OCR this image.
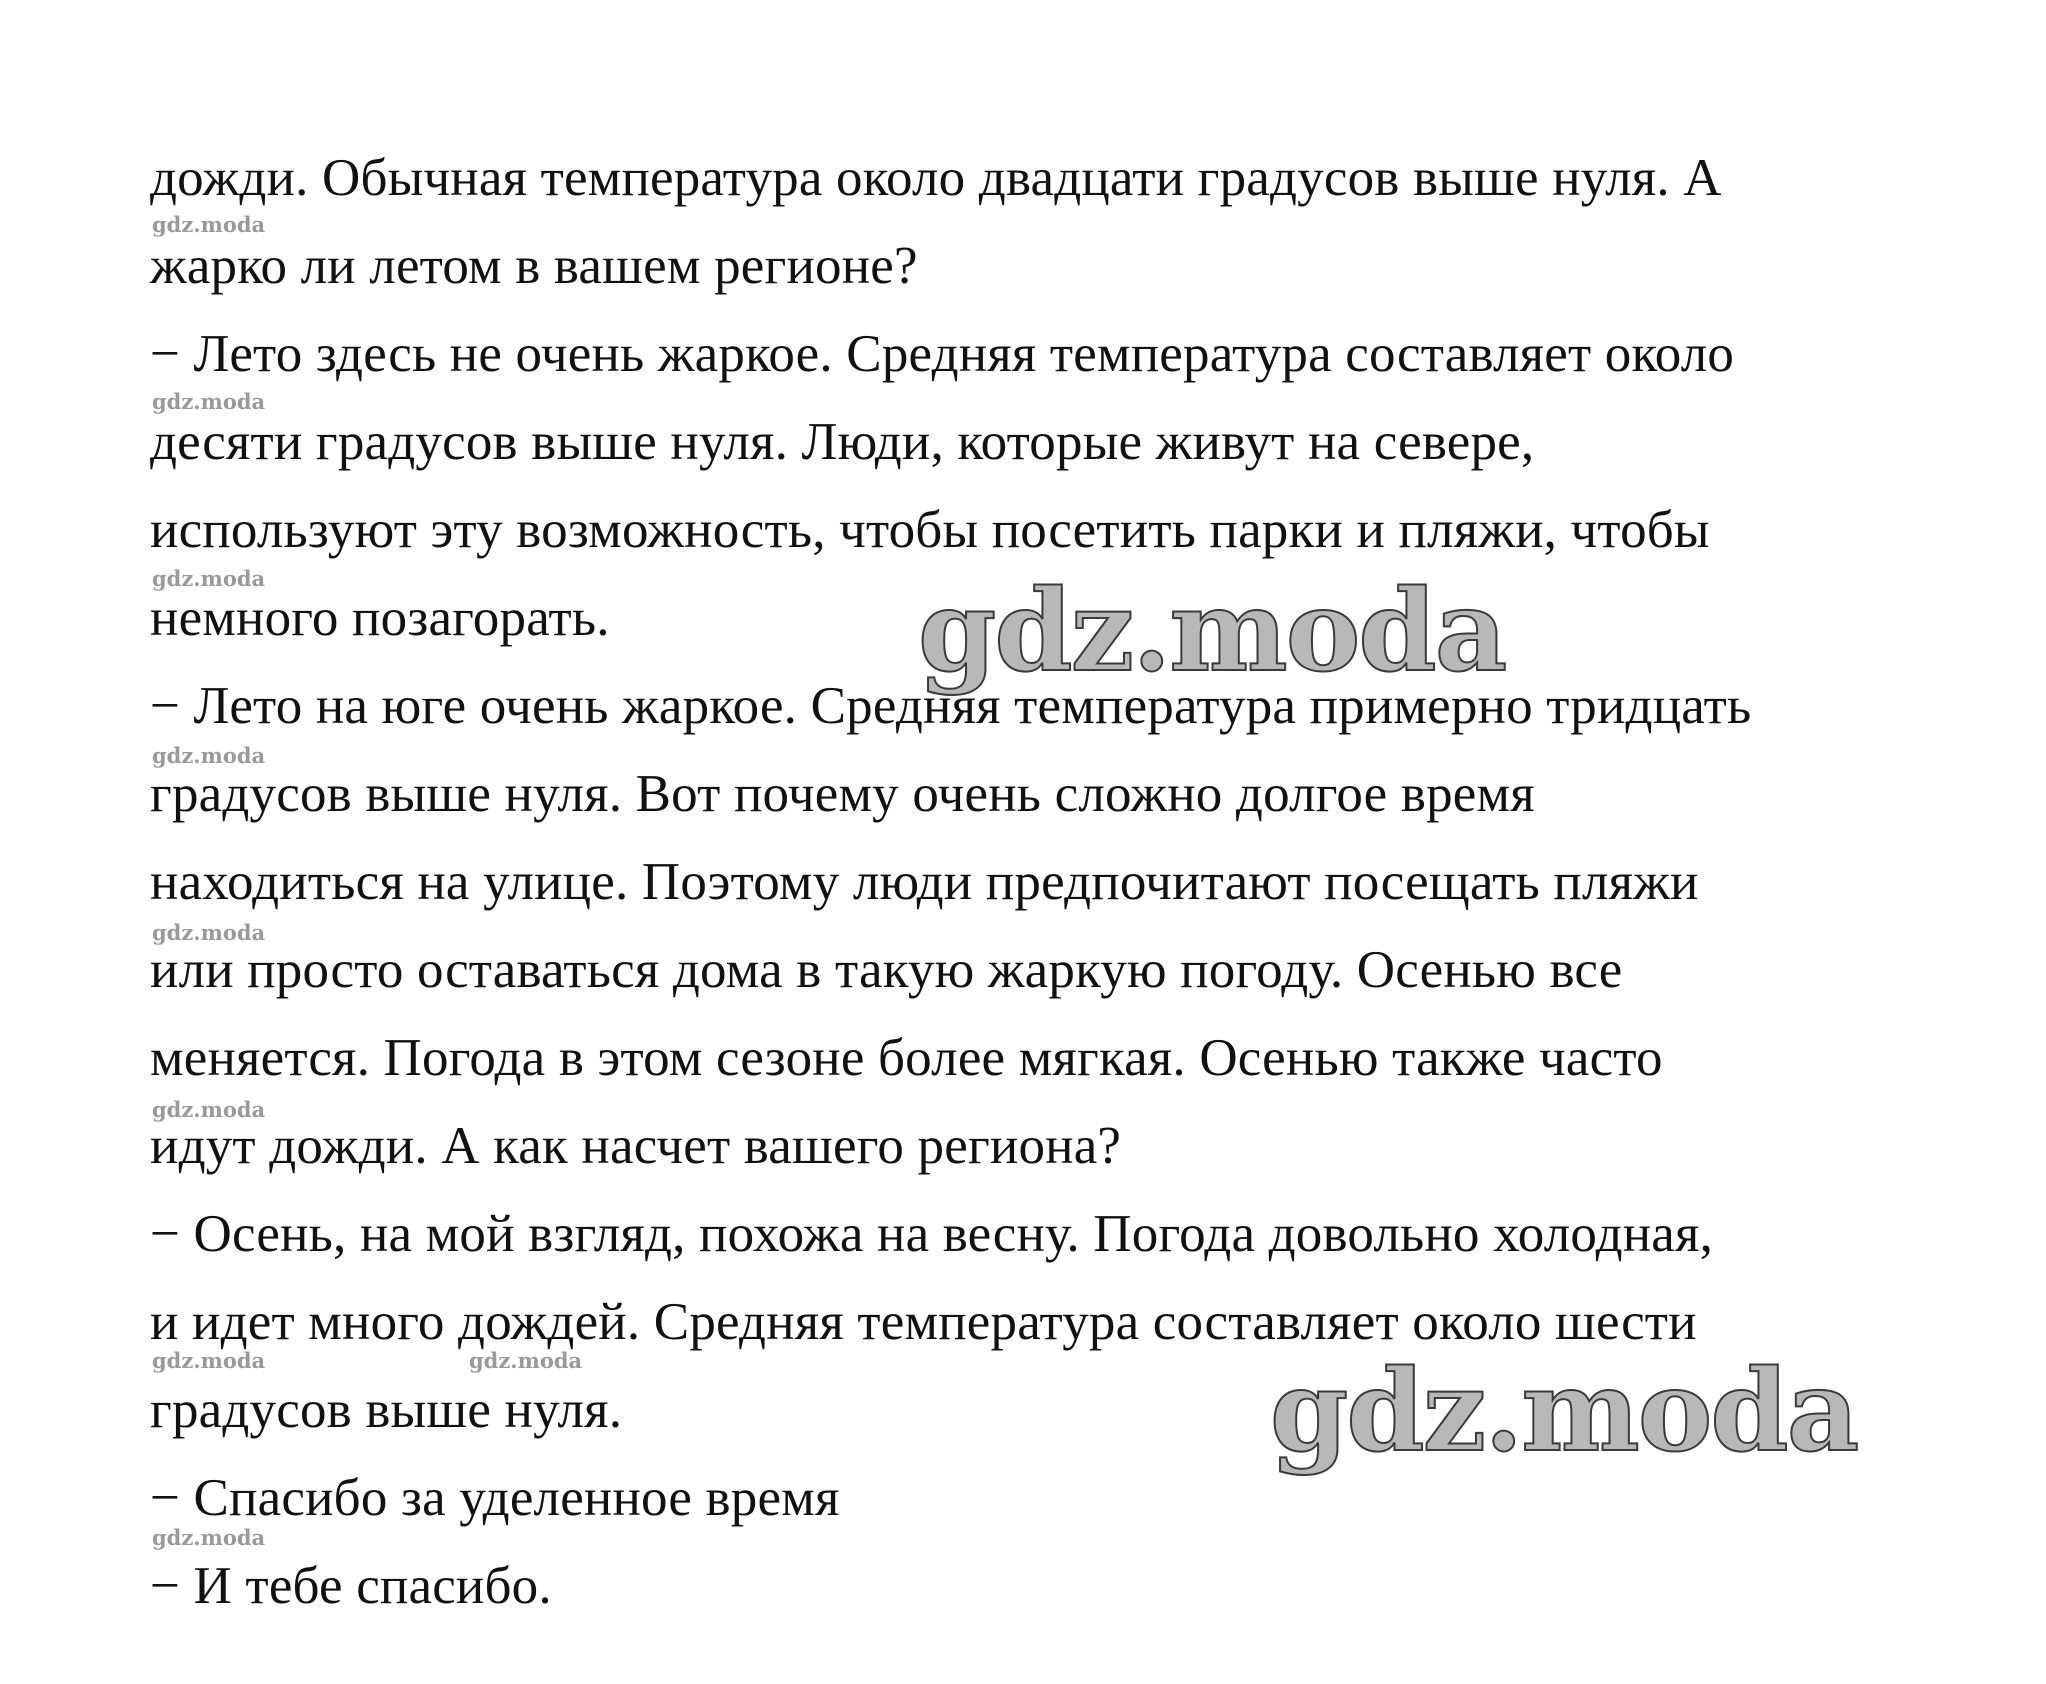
дожди. Обычная температура около двадцати градусов выше нуля. А
жарко ли летом в вашем регионе?
− Лето здесь не очень жаркое. Средняя температура составляет около
десяти градусов выше нуля. Люди, которые живут на севере,
используют эту возможность, чтобы посетить парки и пляжи, чтобы
немного позагорать.
− Лето на юге очень жаркое. Средняя температура примерно тридцать
градусов выше нуля. Вот почему очень сложно долгое время
находиться на улице. Поэтому люди предпочитают посещать пляжи
или просто оставаться дома в такую жаркую погоду. Осенью все
меняется. Погода в этом сезоне более мягкая. Осенью также часто
идут дожди. А как насчет вашего региона?
− Осень, на мой взгляд, похожа на весну. Погода довольно холодная,
и идет много дождей. Средняя температура составляет около шести
градусов выше нуля.
− Спасибо за уделенное время
− И тебе спасибо.
gdz.moda
gdz.moda
gdz.moda
gdz.moda
gdz.moda
gdz.moda
gdz.moda	gdz.moda
gdz.moda
gdz.moda
gdz.moda
